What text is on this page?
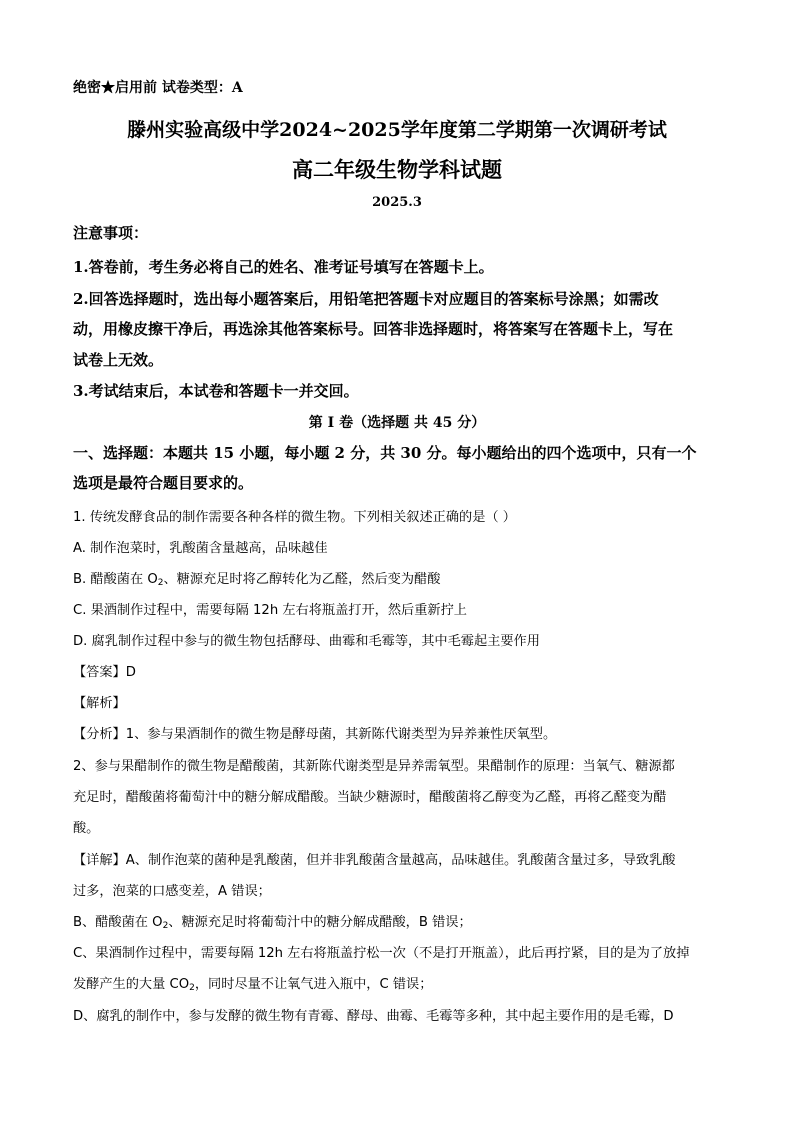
绝密★启用前 试卷类型：A
滕州实验高级中学2024~2025学年度第二学期第一次调研考试
高二年级生物学科试题
2025.3
注意事项：
1.答卷前，考生务必将自己的姓名、准考证号填写在答题卡上。
2.回答选择题时，选出每小题答案后，用铅笔把答题卡对应题目的答案标号涂黑；如需改
动，用橡皮擦干净后，再选涂其他答案标号。回答非选择题时，将答案写在答题卡上，写在
试卷上无效。
3.考试结束后，本试卷和答题卡一并交回。
第 I 卷（选择题 共 45 分）
一、选择题：本题共 15 小题，每小题 2 分，共 30 分。每小题给出的四个选项中，只有一个
选项是最符合题目要求的。
1. 传统发酵食品的制作需要各种各样的微生物。下列相关叙述正确的是（ ）
A. 制作泡菜时，乳酸菌含量越高，品味越佳
B. 醋酸菌在 $O_2$、糖源充足时将乙醇转化为乙醛，然后变为醋酸
C. 果酒制作过程中，需要每隔 12h 左右将瓶盖打开，然后重新拧上
D. 腐乳制作过程中参与的微生物包括酵母、曲霉和毛霉等，其中毛霉起主要作用
【答案】D
【解析】
【分析】1、参与果酒制作的微生物是酵母菌，其新陈代谢类型为异养兼性厌氧型。
2、参与果醋制作的微生物是醋酸菌，其新陈代谢类型是异养需氧型。果醋制作的原理：当氧气、糖源都
充足时，醋酸菌将葡萄汁中的糖分解成醋酸。当缺少糖源时，醋酸菌将乙醇变为乙醛，再将乙醛变为醋
酸。
【详解】A、制作泡菜的菌种是乳酸菌，但并非乳酸菌含量越高，品味越佳。乳酸菌含量过多，导致乳酸
过多，泡菜的口感变差，A 错误；
B、醋酸菌在 $O_2$、糖源充足时将葡萄汁中的糖分解成醋酸，B 错误；
C、果酒制作过程中，需要每隔 12h 左右将瓶盖拧松一次（不是打开瓶盖），此后再拧紧，目的是为了放掉
发酵产生的大量 $CO_2$，同时尽量不让氧气进入瓶中，C 错误；
D、腐乳的制作中，参与发酵的微生物有青霉、酵母、曲霉、毛霉等多种，其中起主要作用的是毛霉，D
